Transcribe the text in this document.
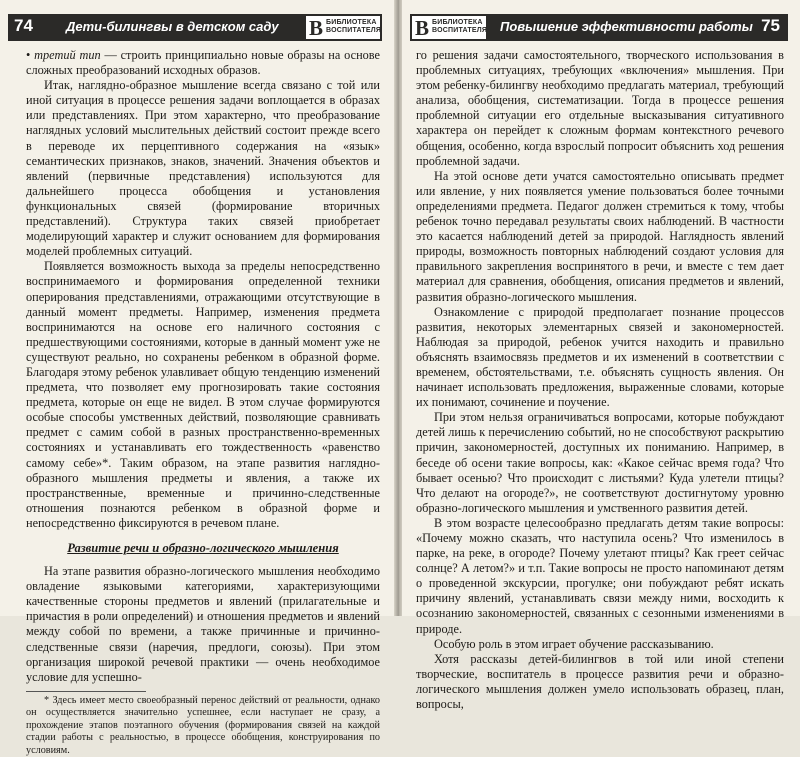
74	Дети-билингвы в детском саду B БИБЛИОТЕКА
ВОСПИТАТЕЛЯ

• третий тип — строить принципиально новые образы на основе сложных преобразований исходных образов.

Итак, наглядно-образное мышление всегда связано с той или иной ситуация в процессе решения задачи воплощается в образах или представлениях. При этом характерно, что преобразование наглядных условий мыслительных действий состоит прежде всего в переводе их перцептивного содержания на «язык» семантических признаков, знаков, значений. Значения объектов и явлений (первичные представления) используются для дальнейшего процесса обобщения и установления функциональных связей (формирование вторичных представлений). Структура таких связей приобретает моделирующий характер и служит основанием для формирования моделей проблемных ситуаций.

Появляется возможность выхода за пределы непосредственно воспринимаемого и формирования определенной техники оперирования представлениями, отражающими отсутствующие в данный момент предметы. Например, изменения предмета воспринимаются на основе его наличного состояния с предшествующими состояниями, которые в данный момент уже не существуют реально, но сохранены ребенком в образной форме. Благодаря этому ребенок улавливает общую тенденцию изменений предмета, что позволяет ему прогнозировать такие состояния предмета, которые он еще не видел. В этом случае формируются особые способы умственных действий, позволяющие сравнивать предмет с самим собой в разных пространственно-временных состояниях и устанавливать его тождественность «равенство самому себе»*. Таким образом, на этапе развития наглядно-образного мышления предметы и явления, а также их пространственные, временные и причинно-следственные отношения познаются ребенком в образной форме и непосредственно фиксируются в речевом плане.

Развитие речи и образно-логического мышления

На этапе развития образно-логического мышления необходимо овладение языковыми категориями, характеризующими качественные стороны предметов и явлений (прилагательные и причастия в роли определений) и отношения предметов и явлений между собой по времени, а также причинные и причинно-следственные связи (наречия, предлоги, союзы). При этом организация широкой речевой практики — очень необходимое условие для успешно-

* Здесь имеет место своеобразный перенос действий от реальности, однако он осуществляется значительно успешнее, если наступает не сразу, а прохождение этапов поэтапного обучения (формирования связей на каждой стадии работы с реальностью, в процессе обобщения, конструирования по условиям.

B БИБЛИОТЕКА
ВОСПИТАТЕЛЯ Повышение эффективности работы 75

го решения задачи самостоятельного, творческого использования в проблемных ситуациях, требующих «включения» мышления. При этом ребенку-билингву необходимо предлагать материал, требующий анализа, обобщения, систематизации. Тогда в процессе решения проблемной ситуации его отдельные высказывания ситуативного характера он перейдет к сложным формам контекстного речевого общения, особенно, когда взрослый попросит объяснить ход решения проблемной задачи.

На этой основе дети учатся самостоятельно описывать предмет или явление, у них появляется умение пользоваться более точными определениями предмета. Педагог должен стремиться к тому, чтобы ребенок точно передавал результаты своих наблюдений. В частности это касается наблюдений детей за природой. Наглядность явлений природы, возможность повторных наблюдений создают условия для правильного закрепления воспринятого в речи, и вместе с тем дает материал для сравнения, обобщения, описания предметов и явлений, развития образно-логического мышления.

Ознакомление с природой предполагает познание процессов развития, некоторых элементарных связей и закономерностей. Наблюдая за природой, ребенок учится находить и правильно объяснять взаимосвязь предметов и их изменений в соответствии с временем, обстоятельствами, т.е. объяснять сущность явления. Он начинает использовать предложения, выраженные словами, которые их понимают, сочинение и поучение.

При этом нельзя ограничиваться вопросами, которые побуждают детей лишь к перечислению событий, но не способствуют раскрытию причин, закономерностей, доступных их пониманию. Например, в беседе об осени такие вопросы, как: «Какое сейчас время года? Что бывает осенью? Что происходит с листьями? Куда улетели птицы? Что делают на огороде?», не соответствуют достигнутому уровню образно-логического мышления и умственного развития детей.

В этом возрасте целесообразно предлагать детям такие вопросы: «Почему можно сказать, что наступила осень? Что изменилось в парке, на реке, в огороде? Почему улетают птицы? Как греет сейчас солнце? А летом?» и т.п. Такие вопросы не просто напоминают детям о проведенной экскурсии, прогулке; они побуждают ребят искать причину явлений, устанавливать связи между ними, восходить к осознанию закономерностей, связанных с сезонными изменениями в природе.

Особую роль в этом играет обучение рассказыванию.

Хотя рассказы детей-билингвов в той или иной степени творческие, воспитатель в процессе развития речи и образно-логического мышления должен умело использовать образец, план, вопросы,
